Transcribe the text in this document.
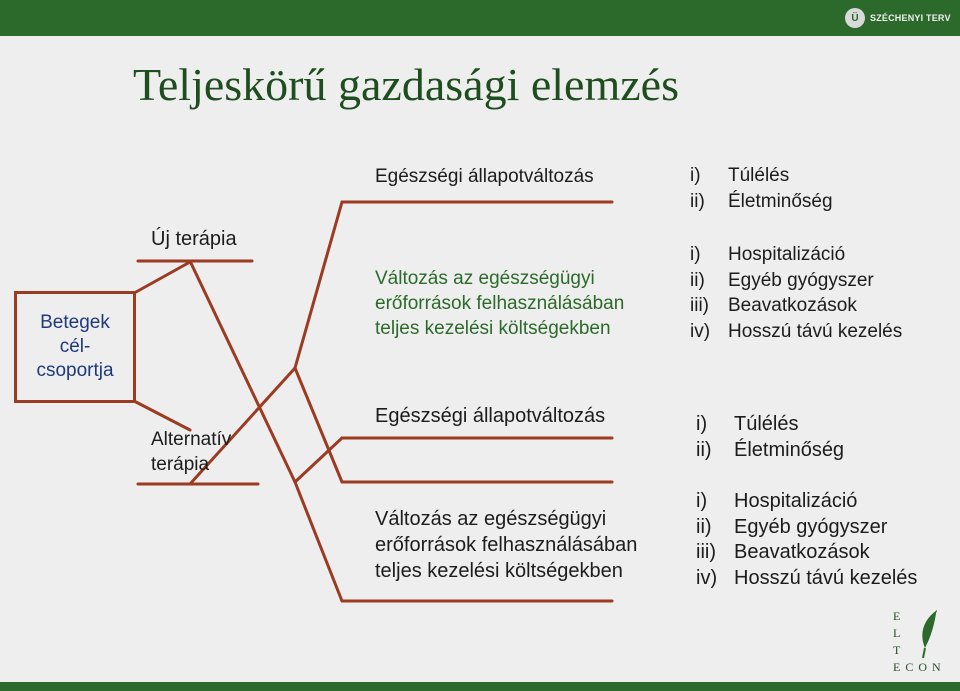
Ü	SZÉCHENYI TERV
Teljeskörű gazdasági elemzés
Betegek cél-csoportja
Új terápia
Egészségi állapotváltozás
Változás az egészségügyi
erőforrások felhasználásában
teljes kezelési költségekben
i) Túlélés
ii) Életminőség
i) Hospitalizáció
ii) Egyéb gyógyszer
iii) Beavatkozások
iv) Hosszú távú kezelés
Alternatív
terápia
Egészségi állapotváltozás
Változás az egészségügyi
erőforrások felhasználásában
teljes kezelési költségekben
i) Túlélés
ii) Életminőség
i) Hospitalizáció
ii) Egyéb gyógyszer
iii) Beavatkozások
iv) Hosszú távú kezelés
E
L
T
ECON
